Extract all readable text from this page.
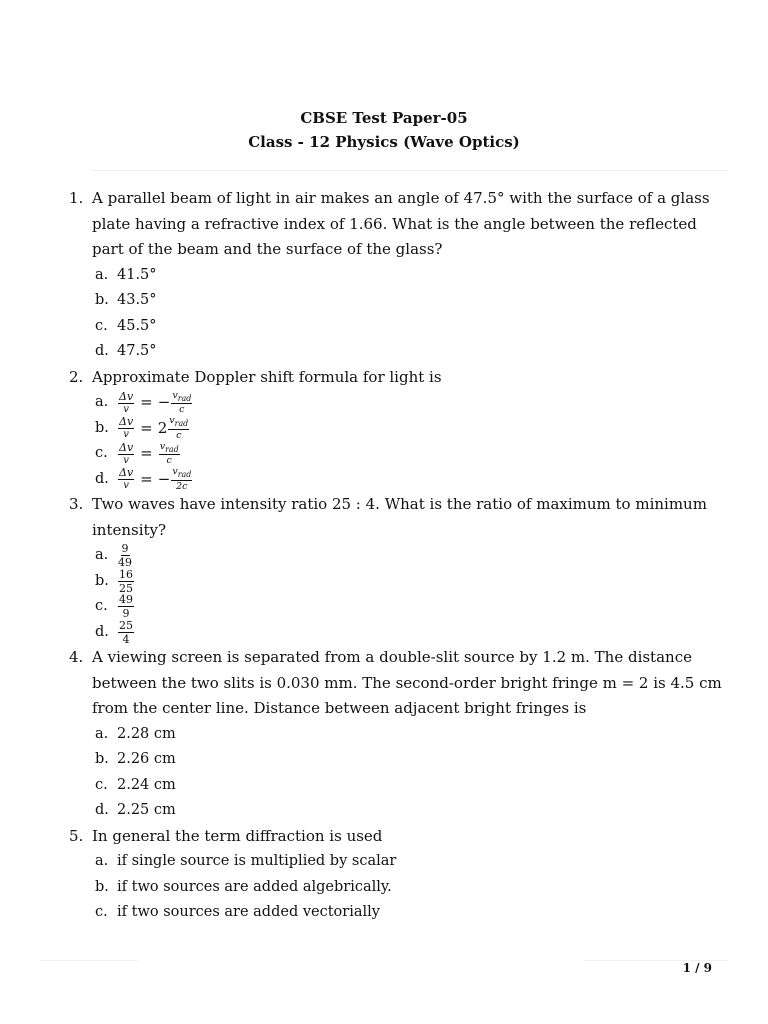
CBSE Test Paper-05
Class - 12 Physics (Wave Optics)
1. A parallel beam of light in air makes an angle of 47.5° with the surface of a glass plate having a refractive index of 1.66. What is the angle between the reflected part of the beam and the surface of the glass?
a. 41.5°
b. 43.5°
c. 45.5°
d. 47.5°
2. Approximate Doppler shift formula for light is
a. $\frac{\Delta v}{v}$ = − $\frac{v_{rad}}{c}$
b. $\frac{\Delta v}{v} = 2 \frac{v_{rad}}{c}$
c. $\frac{\Delta v}{v} = \frac{v_{rad}}{c}$
d. $\frac{\Delta v}{v}$ = − $\frac{v_{rad}}{2c}$
3. Two waves have intensity ratio 25 : 4. What is the ratio of maximum to minimum intensity?
a. $\frac{9}{49}$
b. $\frac{16}{25}$
c. $\frac{49}{9}$
d. $\frac{25}{4}$
4. A viewing screen is separated from a double-slit source by 1.2 m. The distance between the two slits is 0.030 mm. The second-order bright fringe m = 2 is 4.5 cm from the center line. Distance between adjacent bright fringes is
a. 2.28 cm
b. 2.26 cm
c. 2.24 cm
d. 2.25 cm
5. In general the term diffraction is used
a. if single source is multiplied by scalar
b. if two sources are added algebrically.
c. if two sources are added vectorially
1 / 9
